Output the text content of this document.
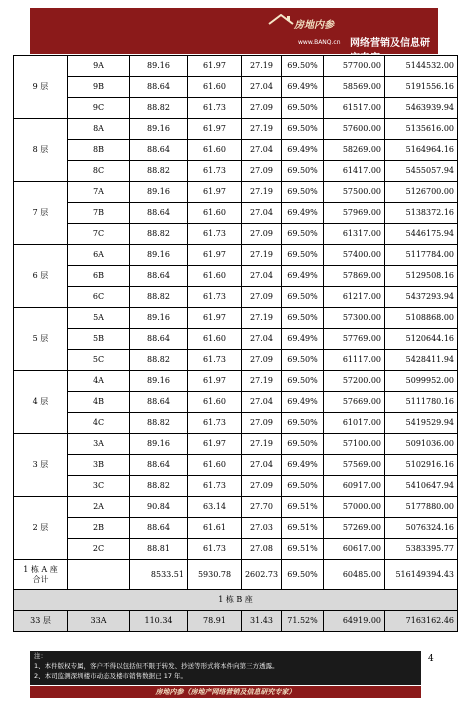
房地内参
www.BANQ.cn 网络营销及信息研究专家
9 层	9A	89.16	61.97	27.19	69.50%	57700.00	5144532.00
	9B	88.64	61.60	27.04	69.49%	58569.00	5191556.16
	9C	88.82	61.73	27.09	69.50%	61517.00	5463939.94
8 层	8A	89.16	61.97	27.19	69.50%	57600.00	5135616.00
	8B	88.64	61.60	27.04	69.49%	58269.00	5164964.16
	8C	88.82	61.73	27.09	69.50%	61417.00	5455057.94
7 层	7A	89.16	61.97	27.19	69.50%	57500.00	5126700.00
	7B	88.64	61.60	27.04	69.49%	57969.00	5138372.16
	7C	88.82	61.73	27.09	69.50%	61317.00	5446175.94
6 层	6A	89.16	61.97	27.19	69.50%	57400.00	5117784.00
	6B	88.64	61.60	27.04	69.49%	57869.00	5129508.16
	6C	88.82	61.73	27.09	69.50%	61217.00	5437293.94
5 层	5A	89.16	61.97	27.19	69.50%	57300.00	5108868.00
	5B	88.64	61.60	27.04	69.49%	57769.00	5120644.16
	5C	88.82	61.73	27.09	69.50%	61117.00	5428411.94
4 层	4A	89.16	61.97	27.19	69.50%	57200.00	5099952.00
	4B	88.64	61.60	27.04	69.49%	57669.00	5111780.16
	4C	88.82	61.73	27.09	69.50%	61017.00	5419529.94
3 层	3A	89.16	61.97	27.19	69.50%	57100.00	5091036.00
	3B	88.64	61.60	27.04	69.49%	57569.00	5102916.16
	3C	88.82	61.73	27.09	69.50%	60917.00	5410647.94
2 层	2A	90.84	63.14	27.70	69.51%	57000.00	5177880.00
	2B	88.64	61.61	27.03	69.51%	57269.00	5076324.16
	2C	88.81	61.73	27.08	69.51%	60617.00	5383395.77

1 栋 A 座
合计		8533.51	5930.78	2602.73	69.50%	60485.00	516149394.43
1 栋 B 座							
33 层	33A	110.34	78.91	31.43	71.52%	64919.00	7163162.46
注：
1、本件版权专属，客户不得以包括但不限于转发、抄送等形式将本件向第三方透露。
2、本司监测深圳楼市动态及楼市销售数据已 17 年。
4
房地内参（房地产网络营销及信息研究专家）
